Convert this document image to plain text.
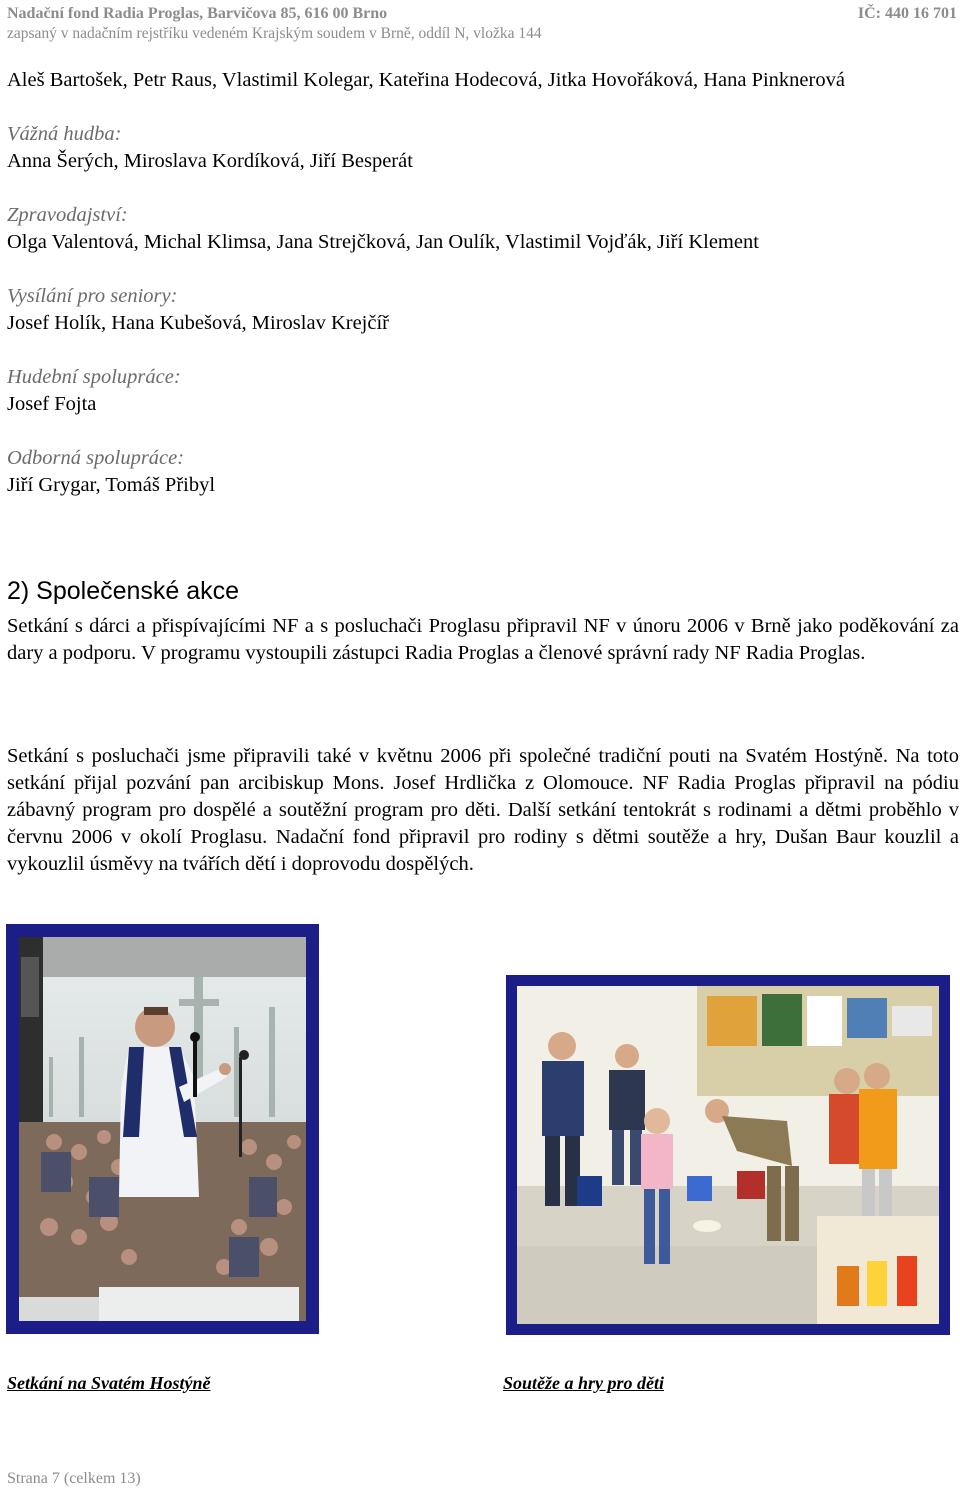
Nadační fond Radia Proglas, Barvičova 85, 616 00 Brno	IČ: 440 16 701
zapsaný v nadačním rejstříku vedeném Krajským soudem v Brně, oddíl N, vložka 144
Aleš Bartošek, Petr Raus, Vlastimil Kolegar, Kateřina Hodecová, Jitka Hovořáková, Hana Pinknerová
Vážná hudba:
Anna Šerých, Miroslava Kordíková, Jiří Besperát
Zpravodajství:
Olga Valentová, Michal Klimsa, Jana Strejčková, Jan Oulík, Vlastimil Vojďák, Jiří Klement
Vysílání pro seniory:
Josef Holík, Hana Kubešová, Miroslav Krejčíř
Hudební spolupráce:
Josef Fojta
Odborná spolupráce:
Jiří Grygar, Tomáš Přibyl
2) Společenské akce
Setkání s dárci a přispívajícími NF a s posluchači Proglasu připravil NF v únoru 2006 v Brně jako poděkování za dary a podporu. V programu vystoupili zástupci Radia Proglas a členové správní rady NF Radia Proglas.
Setkání s posluchači jsme připravili také v květnu 2006 při společné tradiční pouti na Svatém Hostýně. Na toto setkání přijal pozvání pan arcibiskup Mons. Josef Hrdlička z Olomouce. NF Radia Proglas připravil na pódiu zábavný program pro dospělé a soutěžní program pro děti. Další setkání tentokrát s rodinami a dětmi proběhlo v červnu 2006 v okolí Proglasu. Nadační fond připravil pro rodiny s dětmi soutěže a hry, Dušan Baur kouzlil a vykouzlil úsměvy na tvářích dětí i doprovodu dospělých.
Setkání na Svatém Hostýně	Soutěže a hry pro děti
Strana 7 (celkem 13)
